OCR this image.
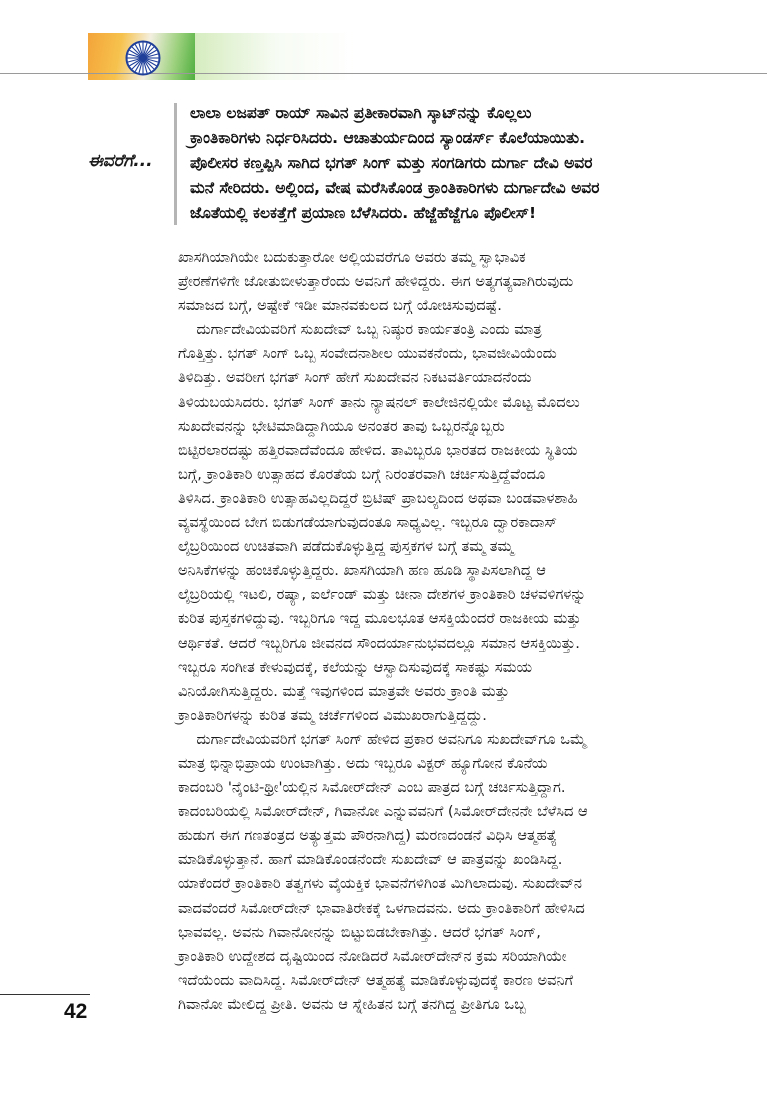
ಈವರೆಗೆ...

ಲಾಲಾ ಲಜಪತ್ ರಾಯ್ ಸಾವಿನ ಪ್ರತೀಕಾರವಾಗಿ ಸ್ಕಾಟ್‌ನನ್ನು ಕೊಲ್ಲಲು

ಕ್ರಾಂತಿಕಾರಿಗಳು ನಿರ್ಧರಿಸಿದರು. ಆಚಾತುರ್ಯದಿಂದ ಸ್ಯಾಂಡರ್ಸ್ ಕೊಲೆಯಾಯಿತು.

ಪೊಲೀಸರ ಕಣ್ತಪ್ಪಿಸಿ ಸಾಗಿದ ಭಗತ್ ಸಿಂಗ್ ಮತ್ತು ಸಂಗಡಿಗರು ದುರ್ಗಾ ದೇವಿ ಅವರ

ಮನೆ ಸೇರಿದರು. ಅಲ್ಲಿಂದ, ವೇಷ ಮರೆಸಿಕೊಂಡ ಕ್ರಾಂತಿಕಾರಿಗಳು ದುರ್ಗಾದೇವಿ ಅವರ

ಜೊತೆಯಲ್ಲಿ ಕಲಕತ್ತೆಗೆ ಪ್ರಯಾಣ ಬೆಳೆಸಿದರು. ಹೆಜ್ಜೆಹೆಜ್ಜೆಗೂ ಪೊಲೀಸ್!

ಖಾಸಗಿಯಾಗಿಯೇ ಬದುಕುತ್ತಾರೋ ಅಲ್ಲಿಯವರೆಗೂ ಅವರು ತಮ್ಮ ಸ್ವಾಭಾವಿಕ

ಪ್ರೇರಣೆಗಳಿಗೇ ಜೋತುಬೀಳುತ್ತಾರೆಂದು ಅವನಿಗೆ ಹೇಳಿದ್ದರು. ಈಗ ಅತ್ಯಗತ್ಯವಾಗಿರುವುದು

ಸಮಾಜದ ಬಗ್ಗೆ, ಅಷ್ಟೇಕೆ ಇಡೀ ಮಾನವಕುಲದ ಬಗ್ಗೆ ಯೋಚಿಸುವುದಷ್ಟೆ.

ದುರ್ಗಾದೇವಿಯವರಿಗೆ ಸುಖದೇವ್ ಒಬ್ಬ ನಿಷ್ಠುರ ಕಾರ್ಯತಂತ್ರಿ ಎಂದು ಮಾತ್ರ

ಗೊತ್ತಿತ್ತು. ಭಗತ್ ಸಿಂಗ್ ಒಬ್ಬ ಸಂವೇದನಾಶೀಲ ಯುವಕನೆಂದು, ಭಾವಜೀವಿಯೆಂದು

ತಿಳಿದಿತ್ತು. ಅವರೀಗ ಭಗತ್ ಸಿಂಗ್ ಹೇಗೆ ಸುಖದೇವನ ನಿಕಟವರ್ತಿಯಾದನೆಂದು

ತಿಳಿಯಬಯಸಿದರು. ಭಗತ್ ಸಿಂಗ್ ತಾನು ನ್ಯಾಷನಲ್ ಕಾಲೇಜಿನಲ್ಲಿಯೇ ಮೊಟ್ಟ ಮೊದಲು

ಸುಖದೇವನನ್ನು ಭೇಟಿಮಾಡಿದ್ದಾಗಿಯೂ ಅನಂತರ ತಾವು ಒಬ್ಬರನ್ನೊಬ್ಬರು

ಬಿಟ್ಟಿರಲಾರದಷ್ಟು ಹತ್ತಿರವಾದೆವೆಂದೂ ಹೇಳಿದ. ತಾವಿಬ್ಬರೂ ಭಾರತದ ರಾಜಕೀಯ ಸ್ಥಿತಿಯ

ಬಗ್ಗೆ, ಕ್ರಾಂತಿಕಾರಿ ಉತ್ಸಾಹದ ಕೊರತೆಯ ಬಗ್ಗೆ ನಿರಂತರವಾಗಿ ಚರ್ಚಿಸುತ್ತಿದ್ದೆವೆಂದೂ

ತಿಳಿಸಿದ. ಕ್ರಾಂತಿಕಾರಿ ಉತ್ಸಾಹವಿಲ್ಲದಿದ್ದರೆ ಬ್ರಿಟಿಷ್ ಪ್ರಾಬಲ್ಯದಿಂದ ಅಥವಾ ಬಂಡವಾಳಶಾಹಿ

ವ್ಯವಸ್ಥೆಯಿಂದ ಬೇಗ ಬಿಡುಗಡೆಯಾಗುವುದಂತೂ ಸಾಧ್ಯವಿಲ್ಲ. ಇಬ್ಬರೂ ದ್ವಾರಕಾದಾಸ್

ಲೈಬ್ರರಿಯಿಂದ ಉಚಿತವಾಗಿ ಪಡೆದುಕೊಳ್ಳುತ್ತಿದ್ದ ಪುಸ್ತಕಗಳ ಬಗ್ಗೆ ತಮ್ಮ ತಮ್ಮ

ಅನಿಸಿಕೆಗಳನ್ನು ಹಂಚಿಕೊಳ್ಳುತ್ತಿದ್ದರು. ಖಾಸಗಿಯಾಗಿ ಹಣ ಹೂಡಿ ಸ್ಥಾಪಿಸಲಾಗಿದ್ದ ಆ

ಲೈಬ್ರರಿಯಲ್ಲಿ ಇಟಲಿ, ರಷ್ಯಾ, ಐರ್ಲೆಂಡ್ ಮತ್ತು ಚೀನಾ ದೇಶಗಳ ಕ್ರಾಂತಿಕಾರಿ ಚಳವಳಿಗಳನ್ನು

ಕುರಿತ ಪುಸ್ತಕಗಳಿದ್ದುವು. ಇಬ್ಬರಿಗೂ ಇದ್ದ ಮೂಲಭೂತ ಆಸಕ್ತಿಯೆಂದರೆ ರಾಜಕೀಯ ಮತ್ತು

ಆರ್ಥಿಕತೆ. ಆದರೆ ಇಬ್ಬರಿಗೂ ಜೀವನದ ಸೌಂದರ್ಯಾನುಭವದಲ್ಲೂ ಸಮಾನ ಆಸಕ್ತಿಯಿತ್ತು.

ಇಬ್ಬರೂ ಸಂಗೀತ ಕೇಳುವುದಕ್ಕೆ, ಕಲೆಯನ್ನು ಆಸ್ವಾದಿಸುವುದಕ್ಕೆ ಸಾಕಷ್ಟು ಸಮಯ

ವಿನಿಯೋಗಿಸುತ್ತಿದ್ದರು. ಮತ್ತೆ ಇವುಗಳಿಂದ ಮಾತ್ರವೇ ಅವರು ಕ್ರಾಂತಿ ಮತ್ತು

ಕ್ರಾಂತಿಕಾರಿಗಳನ್ನು ಕುರಿತ ತಮ್ಮ ಚರ್ಚೆಗಳಿಂದ ವಿಮುಖರಾಗುತ್ತಿದ್ದದ್ದು.

ದುರ್ಗಾದೇವಿಯವರಿಗೆ ಭಗತ್ ಸಿಂಗ್ ಹೇಳಿದ ಪ್ರಕಾರ ಅವನಿಗೂ ಸುಖದೇವ್‌ಗೂ ಒಮ್ಮೆ

ಮಾತ್ರ ಭಿನ್ನಾಭಿಪ್ರಾಯ ಉಂಟಾಗಿತ್ತು. ಅದು ಇಬ್ಬರೂ ವಿಕ್ಟರ್ ಹ್ಯೂಗೋನ ಕೊನೆಯ

ಕಾದಂಬರಿ 'ನೈಂಟಿ-ಥ್ರೀ'ಯಲ್ಲಿನ ಸಿಮೋರ್‌ದೇನ್ ಎಂಬ ಪಾತ್ರದ ಬಗ್ಗೆ ಚರ್ಚಿಸುತ್ತಿದ್ದಾಗ.

ಕಾದಂಬರಿಯಲ್ಲಿ ಸಿಮೋರ್‌ದೇನ್, ಗಿವಾನೋ ಎನ್ನುವವನಿಗೆ (ಸಿಮೋರ್‌ದೇನನೇ ಬೆಳೆಸಿದ ಆ

ಹುಡುಗ ಈಗ ಗಣತಂತ್ರದ ಅತ್ಯುತ್ತಮ ಪೌರನಾಗಿದ್ದ) ಮರಣದಂಡನೆ ವಿಧಿಸಿ ಆತ್ಮಹತ್ಯೆ

ಮಾಡಿಕೊಳ್ಳುತ್ತಾನೆ. ಹಾಗೆ ಮಾಡಿಕೊಂಡನೆಂದೇ ಸುಖದೇವ್ ಆ ಪಾತ್ರವನ್ನು ಖಂಡಿಸಿದ್ದ.

ಯಾಕೆಂದರೆ ಕ್ರಾಂತಿಕಾರಿ ತತ್ವಗಳು ವೈಯಕ್ತಿಕ ಭಾವನೆಗಳಿಗಿಂತ ಮಿಗಿಲಾದುವು. ಸುಖದೇವ್‌ನ

ವಾದವೆಂದರೆ ಸಿಮೋರ್‌ದೇನ್ ಭಾವಾತಿರೇಕಕ್ಕೆ ಒಳಗಾದವನು. ಅದು ಕ್ರಾಂತಿಕಾರಿಗೆ ಹೇಳಿಸಿದ

ಭಾವವಲ್ಲ. ಅವನು ಗಿವಾನೋನನ್ನು ಬಿಟ್ಟುಬಿಡಬೇಕಾಗಿತ್ತು. ಆದರೆ ಭಗತ್ ಸಿಂಗ್,

ಕ್ರಾಂತಿಕಾರಿ ಉದ್ದೇಶದ ದೃಷ್ಟಿಯಿಂದ ನೋಡಿದರೆ ಸಿಮೋರ್‌ದೇನ್‌ನ ಕ್ರಮ ಸರಿಯಾಗಿಯೇ

ಇದೆಯೆಂದು ವಾದಿಸಿದ್ದ. ಸಿಮೋರ್‌ದೇನ್ ಆತ್ಮಹತ್ಯೆ ಮಾಡಿಕೊಳ್ಳುವುದಕ್ಕೆ ಕಾರಣ ಅವನಿಗೆ

ಗಿವಾನೋ ಮೇಲಿದ್ದ ಪ್ರೀತಿ. ಅವನು ಆ ಸ್ನೇಹಿತನ ಬಗ್ಗೆ ತನಗಿದ್ದ ಪ್ರೀತಿಗೂ ಒಬ್ಬ

42
